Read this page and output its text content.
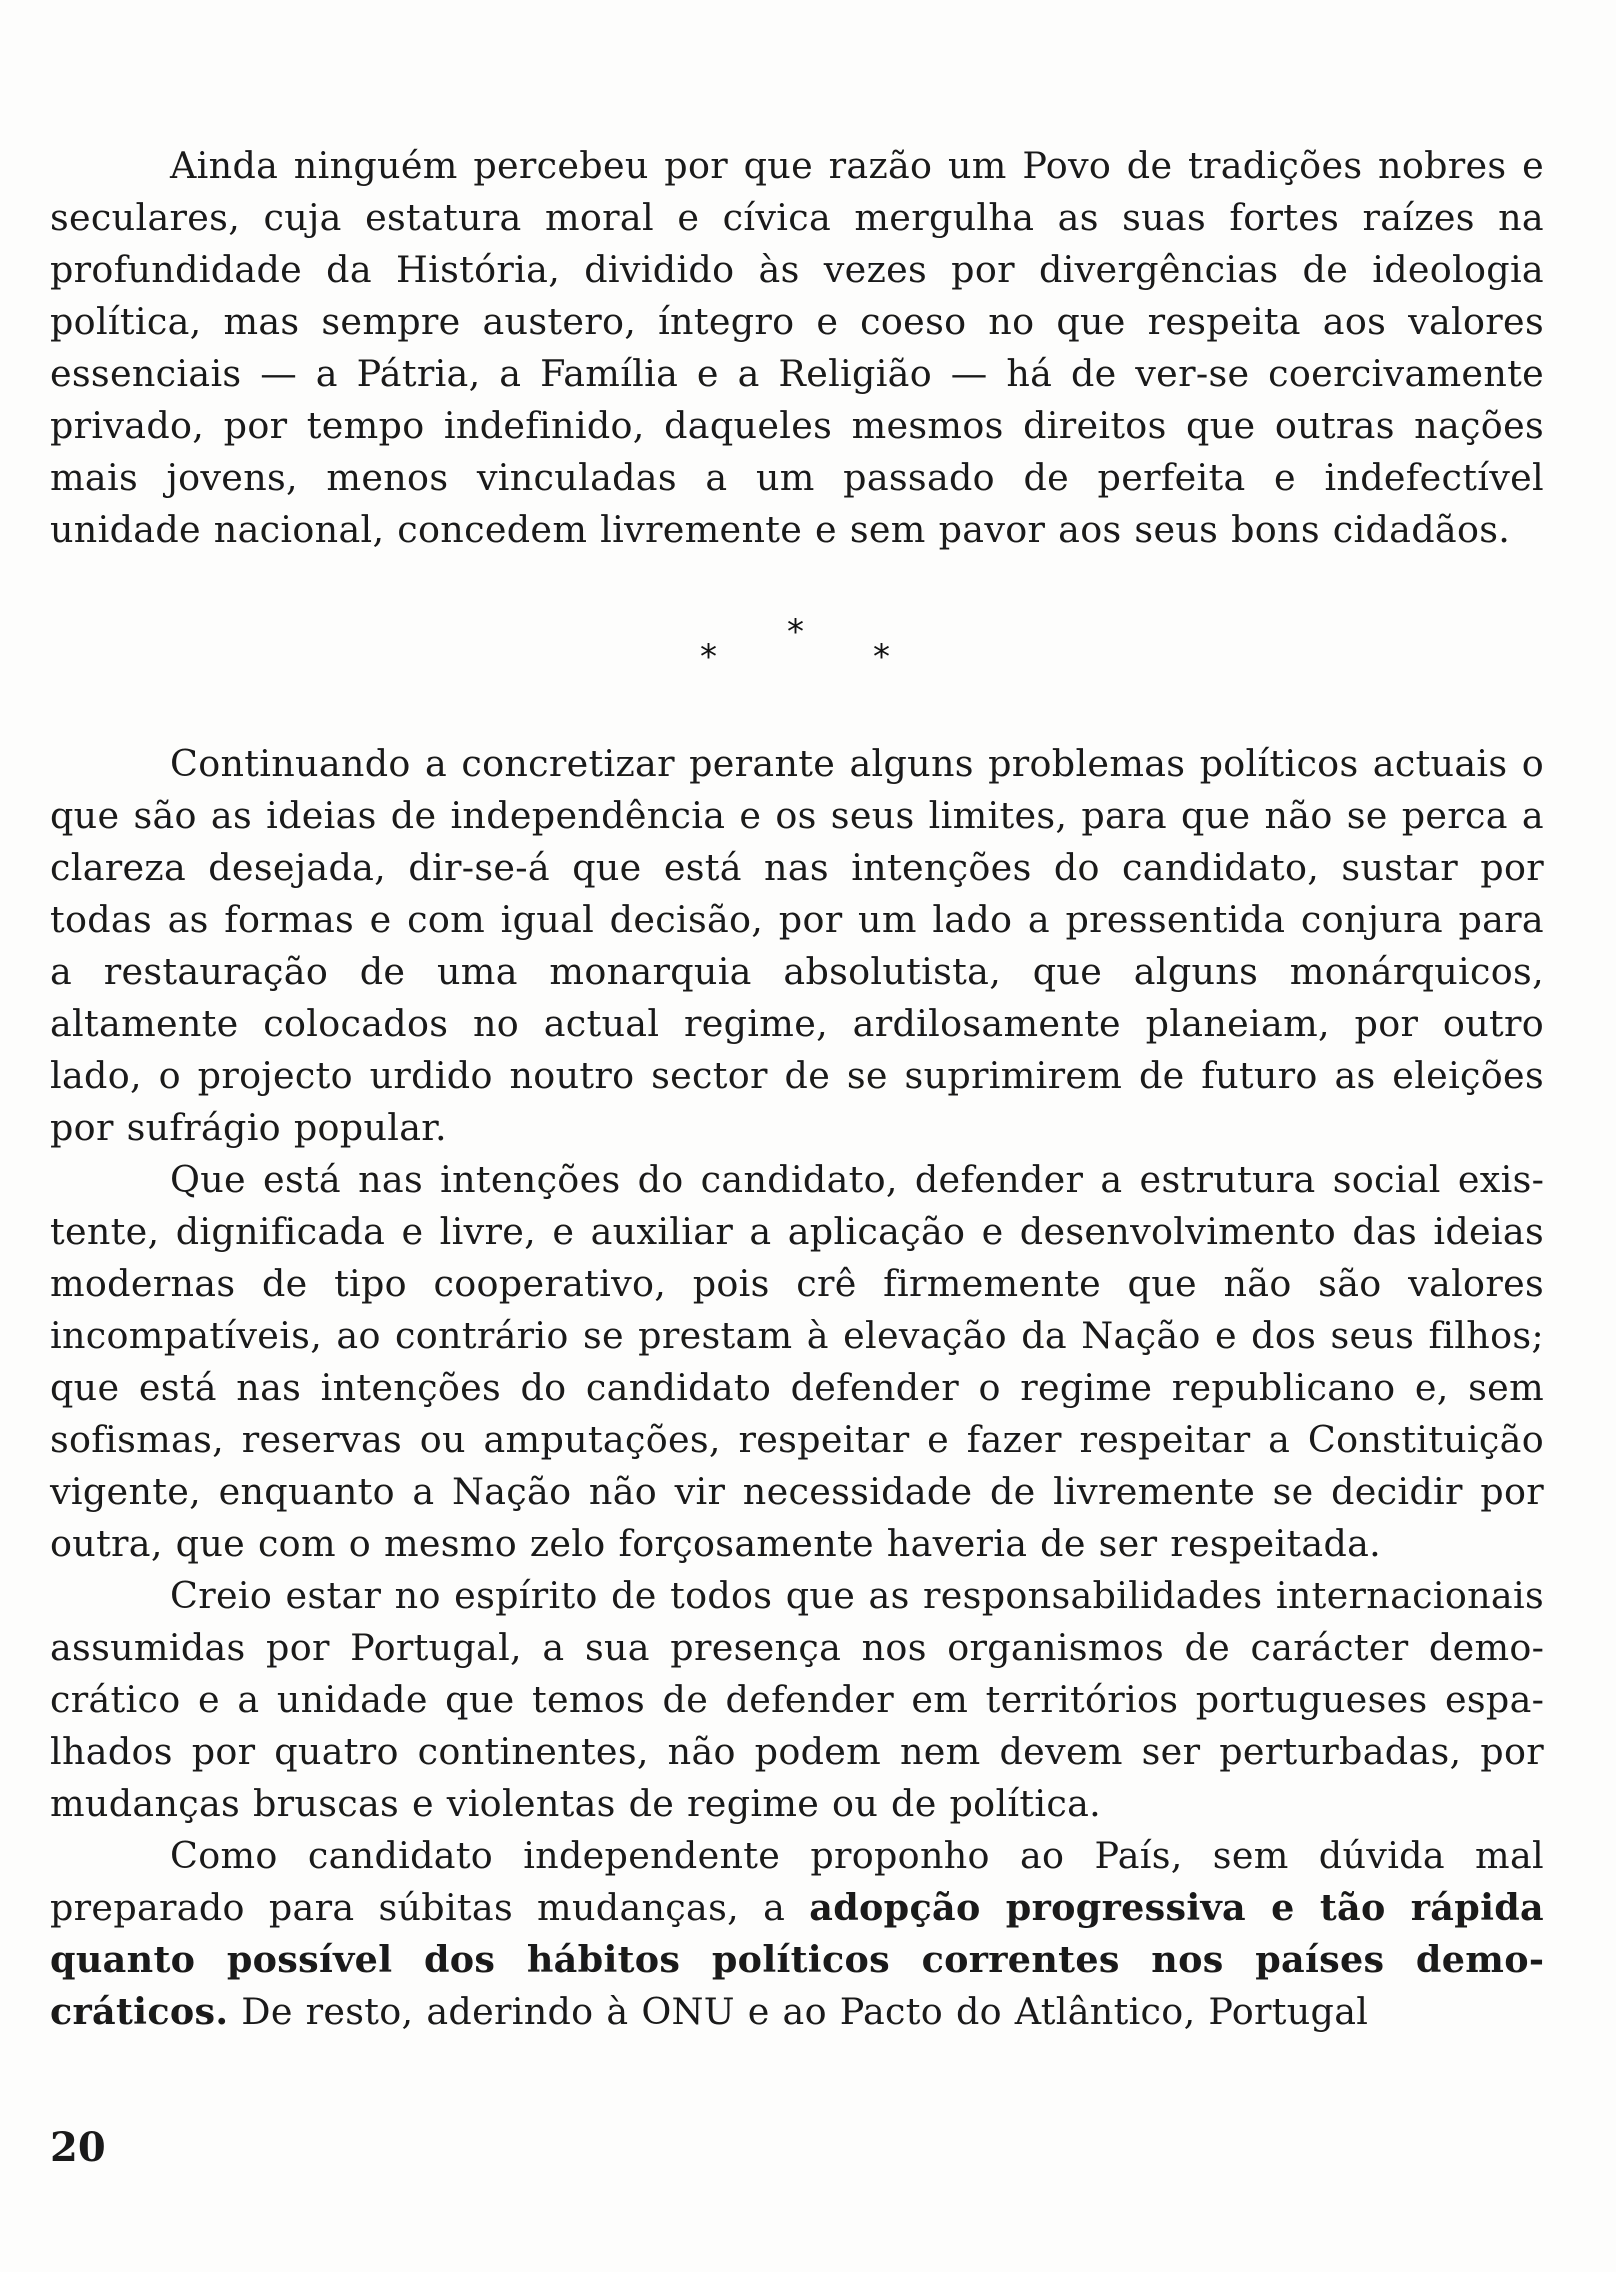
Ainda ninguém percebeu por que razão um Povo de tradições nobres e seculares, cuja estatura moral e cívica mergulha as suas fortes raízes na profundidade da História, dividido às vezes por divergências de ideologia política, mas sempre austero, íntegro e coeso no que respeita aos valores essenciais — a Pátria, a Família e a Religião — há de ver-se coercivamente privado, por tempo indefinido, daqueles mesmos direitos que outras nações mais jovens, menos vinculadas a um passado de perfeita e indefectível unidade nacional, concedem livremente e sem pavor aos seus bons cidadãos.

*
*	*

Continuando a concretizar perante alguns problemas políticos actuais o que são as ideias de independência e os seus limites, para que não se perca a clareza desejada, dir-se-á que está nas intenções do candidato, sustar por todas as formas e com igual decisão, por um lado a pressentida conjura para a restauração de uma monarquia absolutista, que alguns monárquicos, altamente colocados no actual regime, ardilosamente planeiam, por outro lado, o projecto urdido noutro sector de se suprimirem de futuro as eleições por sufrágio popular.

Que está nas intenções do candidato, defender a estrutura social existente, dignificada e livre, e auxiliar a aplicação e desenvolvimento das ideias modernas de tipo cooperativo, pois crê firmemente que não são valores incompatíveis, ao contrário se prestam à elevação da Nação e dos seus filhos; que está nas intenções do candidato defender o regime republicano e, sem sofismas, reservas ou amputações, respeitar e fazer respeitar a Constituição vigente, enquanto a Nação não vir necessidade de livremente se decidir por outra, que com o mesmo zelo forçosamente haveria de ser respeitada.

Creio estar no espírito de todos que as responsabilidades internacionais assumidas por Portugal, a sua presença nos organismos de carácter democrático e a unidade que temos de defender em territórios portugueses espalhados por quatro continentes, não podem nem devem ser perturbadas, por mudanças bruscas e violentas de regime ou de política.

Como candidato independente proponho ao País, sem dúvida mal preparado para súbitas mudanças, a adopção progressiva e tão rápida quanto possível dos hábitos políticos correntes nos países democráticos. De resto, aderindo à ONU e ao Pacto do Atlântico, Portugal

20
